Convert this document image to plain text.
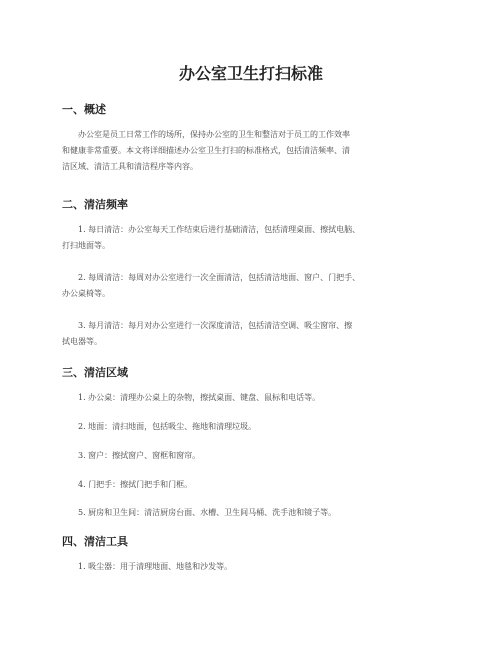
办公室卫生打扫标准
一、概述
办公室是员工日常工作的场所，保持办公室的卫生和整洁对于员工的工作效率
和健康非常重要。本文将详细描述办公室卫生打扫的标准格式，包括清洁频率、清
洁区域、清洁工具和清洁程序等内容。
二、清洁频率
1. 每日清洁：办公室每天工作结束后进行基础清洁，包括清理桌面、擦拭电脑、
打扫地面等。
2. 每周清洁：每周对办公室进行一次全面清洁，包括清洁地面、窗户、门把手、
办公桌椅等。
3. 每月清洁：每月对办公室进行一次深度清洁，包括清洁空调、吸尘窗帘、擦
拭电器等。
三、清洁区域
1. 办公桌：清理办公桌上的杂物，擦拭桌面、键盘、鼠标和电话等。
2. 地面：清扫地面，包括吸尘、拖地和清理垃圾。
3. 窗户：擦拭窗户、窗框和窗帘。
4. 门把手：擦拭门把手和门框。
5. 厨房和卫生间：清洁厨房台面、水槽、卫生间马桶、洗手池和镜子等。
四、清洁工具
1. 吸尘器：用于清理地面、地毯和沙发等。
